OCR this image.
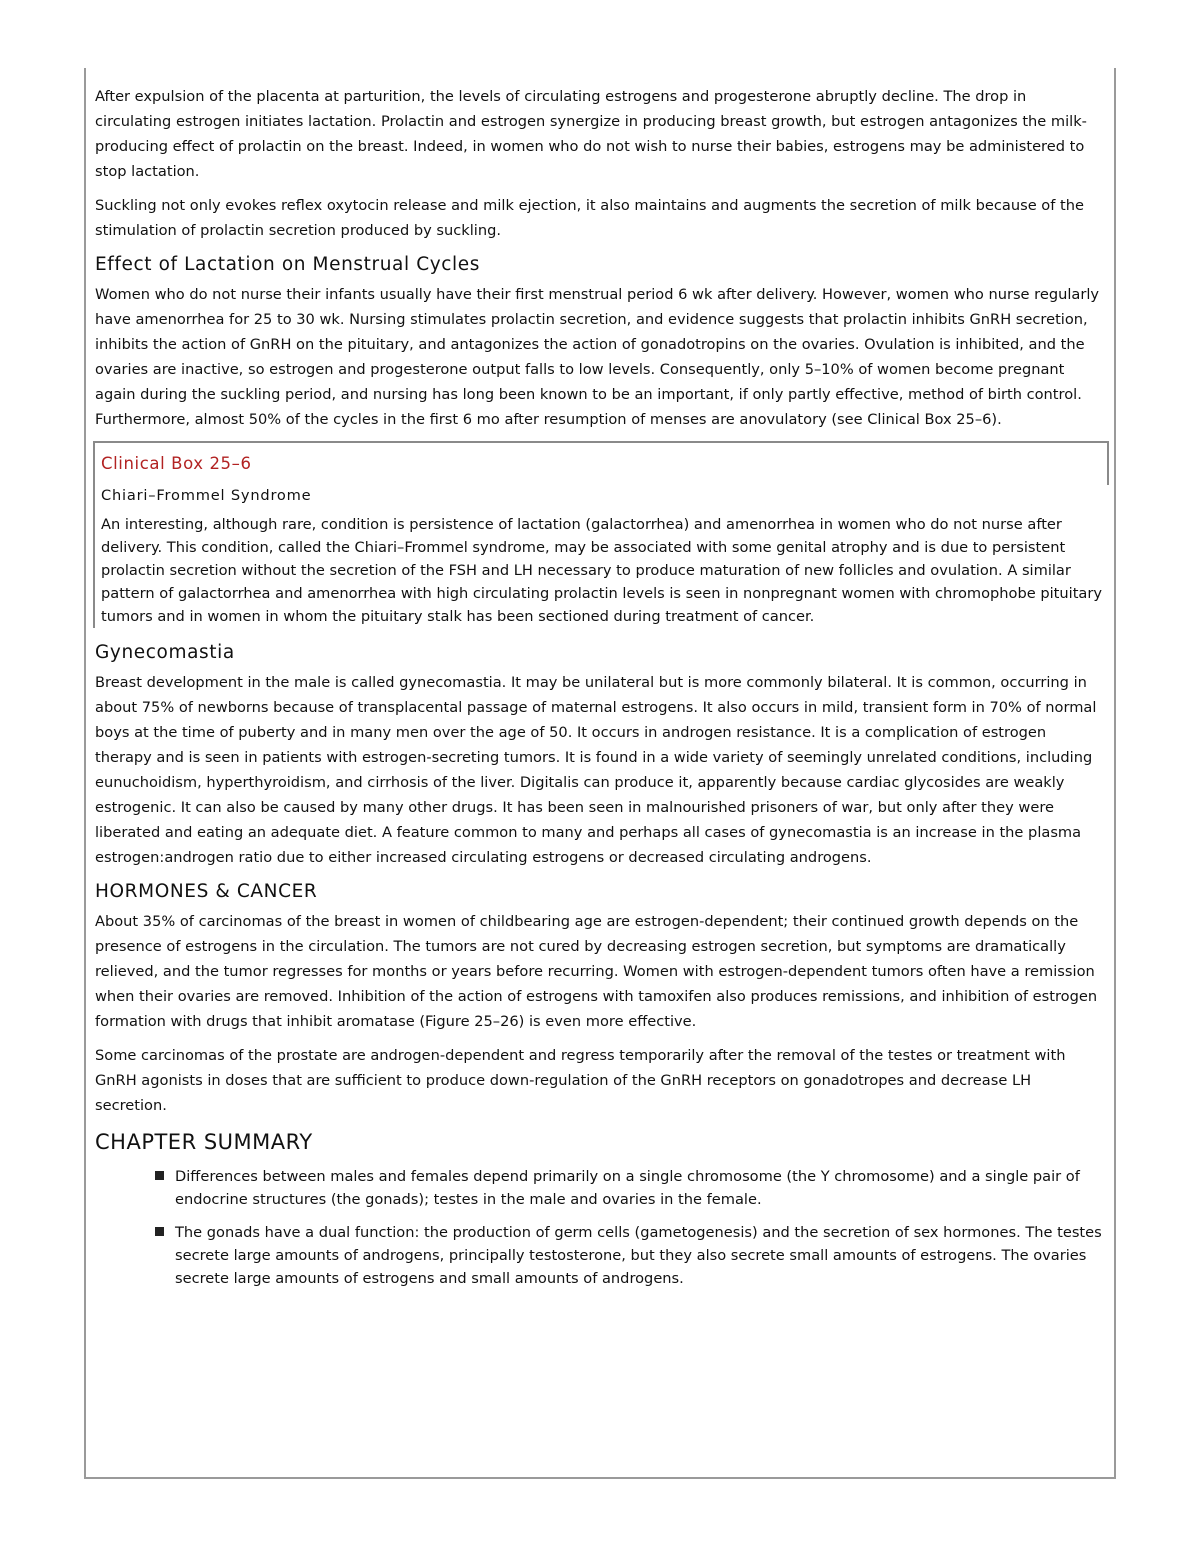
After expulsion of the placenta at parturition, the levels of circulating estrogens and progesterone abruptly decline. The drop in circulating estrogen initiates lactation. Prolactin and estrogen synergize in producing breast growth, but estrogen antagonizes the milk-producing effect of prolactin on the breast. Indeed, in women who do not wish to nurse their babies, estrogens may be administered to stop lactation.

Suckling not only evokes reflex oxytocin release and milk ejection, it also maintains and augments the secretion of milk because of the stimulation of prolactin secretion produced by suckling.

Effect of Lactation on Menstrual Cycles

Women who do not nurse their infants usually have their first menstrual period 6 wk after delivery. However, women who nurse regularly have amenorrhea for 25 to 30 wk. Nursing stimulates prolactin secretion, and evidence suggests that prolactin inhibits GnRH secretion, inhibits the action of GnRH on the pituitary, and antagonizes the action of gonadotropins on the ovaries. Ovulation is inhibited, and the ovaries are inactive, so estrogen and progesterone output falls to low levels. Consequently, only 5–10% of women become pregnant again during the suckling period, and nursing has long been known to be an important, if only partly effective, method of birth control. Furthermore, almost 50% of the cycles in the first 6 mo after resumption of menses are anovulatory (see Clinical Box 25–6).

Clinical Box 25–6
Chiari–Frommel Syndrome

An interesting, although rare, condition is persistence of lactation (galactorrhea) and amenorrhea in women who do not nurse after delivery. This condition, called the Chiari–Frommel syndrome, may be associated with some genital atrophy and is due to persistent prolactin secretion without the secretion of the FSH and LH necessary to produce maturation of new follicles and ovulation. A similar pattern of galactorrhea and amenorrhea with high circulating prolactin levels is seen in nonpregnant women with chromophobe pituitary tumors and in women in whom the pituitary stalk has been sectioned during treatment of cancer.

Gynecomastia

Breast development in the male is called gynecomastia. It may be unilateral but is more commonly bilateral. It is common, occurring in about 75% of newborns because of transplacental passage of maternal estrogens. It also occurs in mild, transient form in 70% of normal boys at the time of puberty and in many men over the age of 50. It occurs in androgen resistance. It is a complication of estrogen therapy and is seen in patients with estrogen-secreting tumors. It is found in a wide variety of seemingly unrelated conditions, including eunuchoidism, hyperthyroidism, and cirrhosis of the liver. Digitalis can produce it, apparently because cardiac glycosides are weakly estrogenic. It can also be caused by many other drugs. It has been seen in malnourished prisoners of war, but only after they were liberated and eating an adequate diet. A feature common to many and perhaps all cases of gynecomastia is an increase in the plasma estrogen:androgen ratio due to either increased circulating estrogens or decreased circulating androgens.

HORMONES & CANCER

About 35% of carcinomas of the breast in women of childbearing age are estrogen-dependent; their continued growth depends on the presence of estrogens in the circulation. The tumors are not cured by decreasing estrogen secretion, but symptoms are dramatically relieved, and the tumor regresses for months or years before recurring. Women with estrogen-dependent tumors often have a remission when their ovaries are removed. Inhibition of the action of estrogens with tamoxifen also produces remissions, and inhibition of estrogen formation with drugs that inhibit aromatase (Figure 25–26) is even more effective.

Some carcinomas of the prostate are androgen-dependent and regress temporarily after the removal of the testes or treatment with GnRH agonists in doses that are sufficient to produce down-regulation of the GnRH receptors on gonadotropes and decrease LH secretion.

CHAPTER SUMMARY
Differences between males and females depend primarily on a single chromosome (the Y chromosome) and a single pair of endocrine structures (the gonads); testes in the male and ovaries in the female.
The gonads have a dual function: the production of germ cells (gametogenesis) and the secretion of sex hormones. The testes secrete large amounts of androgens, principally testosterone, but they also secrete small amounts of estrogens. The ovaries secrete large amounts of estrogens and small amounts of androgens.
